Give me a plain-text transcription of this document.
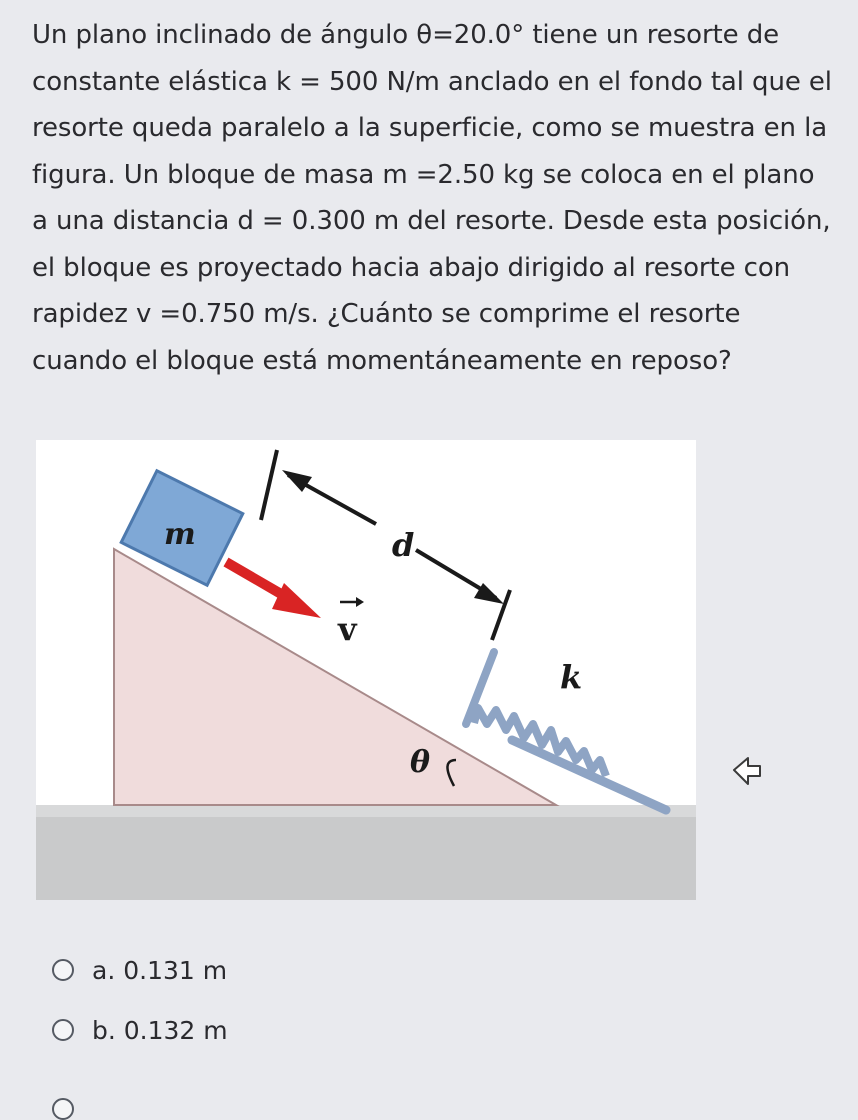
Un plano inclinado de ángulo θ=20.0° tiene un resorte de constante elástica k = 500 N/m anclado en el fondo tal que el resorte queda paralelo a la superficie, como se muestra en la figura. Un bloque de masa m =2.50 kg se coloca en el plano a una distancia d = 0.300 m del resorte. Desde esta posición, el bloque es proyectado hacia abajo dirigido al resorte con rapidez v =0.750 m/s. ¿Cuánto se comprime el resorte cuando el bloque está momentáneamente en reposo?

m	d
v
k
θ
a. 0.131 m
b. 0.132 m
